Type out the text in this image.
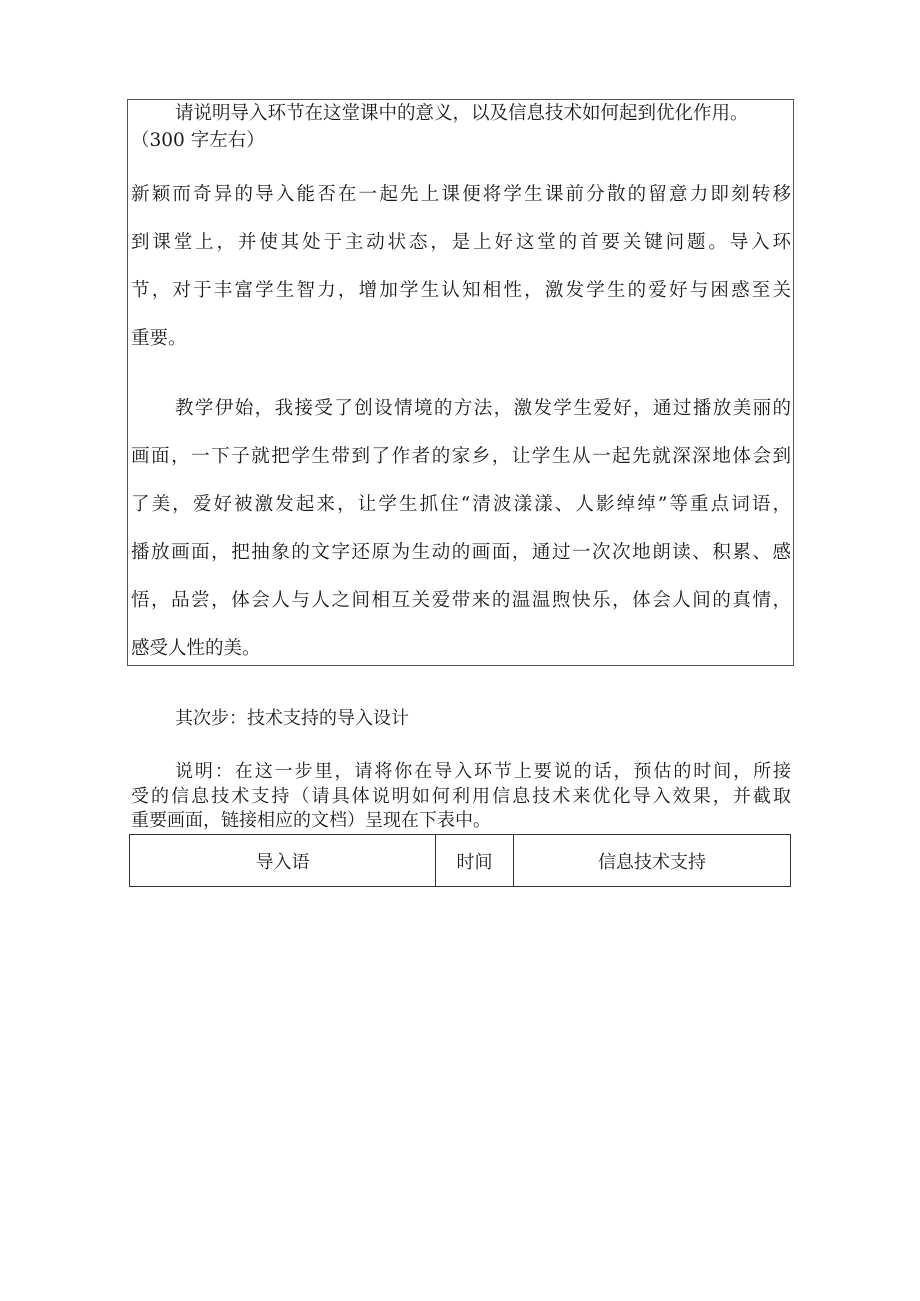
请说明导入环节在这堂课中的意义，以及信息技术如何起到优化作用。
（300 字左右）
新颖而奇异的导入能否在一起先上课便将学生课前分散的留意力即刻转移
到课堂上，并使其处于主动状态，是上好这堂的首要关键问题。导入环
节，对于丰富学生智力，增加学生认知相性，激发学生的爱好与困惑至关
重要。
教学伊始，我接受了创设情境的方法，激发学生爱好，通过播放美丽的
画面，一下子就把学生带到了作者的家乡，让学生从一起先就深深地体会到
了美，爱好被激发起来，让学生抓住“清波漾漾、人影绰绰”等重点词语，
播放画面，把抽象的文字还原为生动的画面，通过一次次地朗读、积累、感
悟，品尝，体会人与人之间相互关爱带来的温温煦快乐，体会人间的真情，
感受人性的美。
其次步：技术支持的导入设计
说明：在这一步里，请将你在导入环节上要说的话，预估的时间，所接
受的信息技术支持（请具体说明如何利用信息技术来优化导入效果，并截取
重要画面，链接相应的文档）呈现在下表中。
导入语	时间	信息技术支持
